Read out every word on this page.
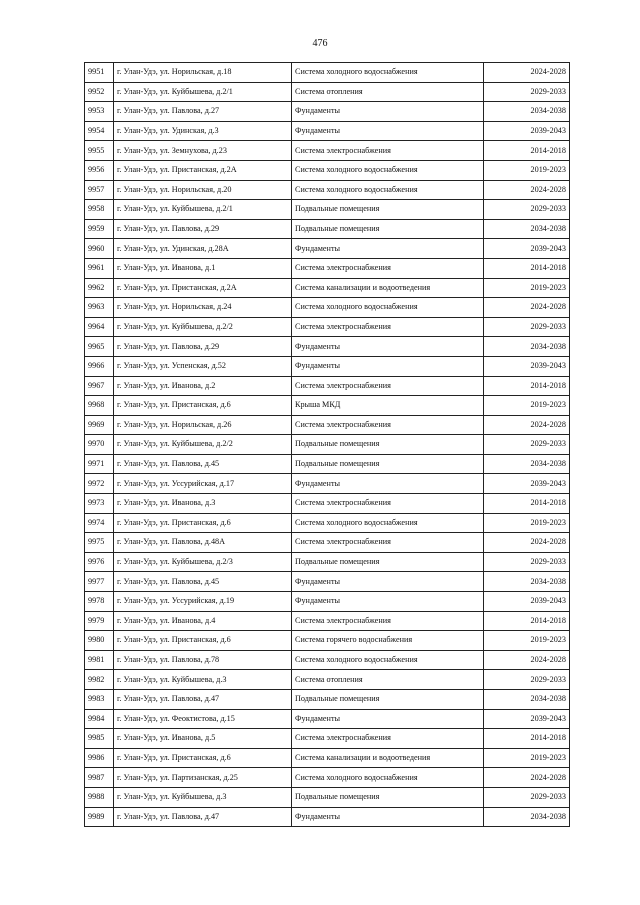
476
9951	г. Улан-Удэ, ул. Норильская, д.18	Система холодного водоснабжения	2024-2028
9952	г. Улан-Удэ, ул. Куйбышева, д.2/1	Система отопления	2029-2033
9953	г. Улан-Удэ, ул. Павлова, д.27	Фундаменты	2034-2038
9954	г. Улан-Удэ, ул. Удинская, д.3	Фундаменты	2039-2043
9955	г. Улан-Удэ, ул. Земнухова, д.23	Система электроснабжения	2014-2018
9956	г. Улан-Удэ, ул. Пристанская, д.2А	Система холодного водоснабжения	2019-2023
9957	г. Улан-Удэ, ул. Норильская, д.20	Система холодного водоснабжения	2024-2028
9958	г. Улан-Удэ, ул. Куйбышева, д.2/1	Подвальные помещения	2029-2033
9959	г. Улан-Удэ, ул. Павлова, д.29	Подвальные помещения	2034-2038
9960	г. Улан-Удэ, ул. Удинская, д.28А	Фундаменты	2039-2043
9961	г. Улан-Удэ, ул. Иванова, д.1	Система электроснабжения	2014-2018
9962	г. Улан-Удэ, ул. Пристанская, д.2А	Система канализации и водоотведения	2019-2023
9963	г. Улан-Удэ, ул. Норильская, д.24	Система холодного водоснабжения	2024-2028
9964	г. Улан-Удэ, ул. Куйбышева, д.2/2	Система электроснабжения	2029-2033
9965	г. Улан-Удэ, ул. Павлова, д.29	Фундаменты	2034-2038
9966	г. Улан-Удэ, ул. Успенская, д.52	Фундаменты	2039-2043
9967	г. Улан-Удэ, ул. Иванова, д.2	Система электроснабжения	2014-2018
9968	г. Улан-Удэ, ул. Пристанская, д.6	Крыша МКД	2019-2023
9969	г. Улан-Удэ, ул. Норильская, д.26	Система электроснабжения	2024-2028
9970	г. Улан-Удэ, ул. Куйбышева, д.2/2	Подвальные помещения	2029-2033
9971	г. Улан-Удэ, ул. Павлова, д.45	Подвальные помещения	2034-2038
9972	г. Улан-Удэ, ул. Уссурийская, д.17	Фундаменты	2039-2043
9973	г. Улан-Удэ, ул. Иванова, д.3	Система электроснабжения	2014-2018
9974	г. Улан-Удэ, ул. Пристанская, д.6	Система холодного водоснабжения	2019-2023
9975	г. Улан-Удэ, ул. Павлова, д.48А	Система электроснабжения	2024-2028
9976	г. Улан-Удэ, ул. Куйбышева, д.2/3	Подвальные помещения	2029-2033
9977	г. Улан-Удэ, ул. Павлова, д.45	Фундаменты	2034-2038
9978	г. Улан-Удэ, ул. Уссурийская, д.19	Фундаменты	2039-2043
9979	г. Улан-Удэ, ул. Иванова, д.4	Система электроснабжения	2014-2018
9980	г. Улан-Удэ, ул. Пристанская, д.6	Система горячего водоснабжения	2019-2023
9981	г. Улан-Удэ, ул. Павлова, д.78	Система холодного водоснабжения	2024-2028
9982	г. Улан-Удэ, ул. Куйбышева, д.3	Система отопления	2029-2033
9983	г. Улан-Удэ, ул. Павлова, д.47	Подвальные помещения	2034-2038
9984	г. Улан-Удэ, ул. Феоктистова, д.15	Фундаменты	2039-2043
9985	г. Улан-Удэ, ул. Иванова, д.5	Система электроснабжения	2014-2018
9986	г. Улан-Удэ, ул. Пристанская, д.6	Система канализации и водоотведения	2019-2023
9987	г. Улан-Удэ, ул. Партизанская, д.25	Система холодного водоснабжения	2024-2028
9988	г. Улан-Удэ, ул. Куйбышева, д.3	Подвальные помещения	2029-2033
9989	г. Улан-Удэ, ул. Павлова, д.47	Фундаменты	2034-2038
